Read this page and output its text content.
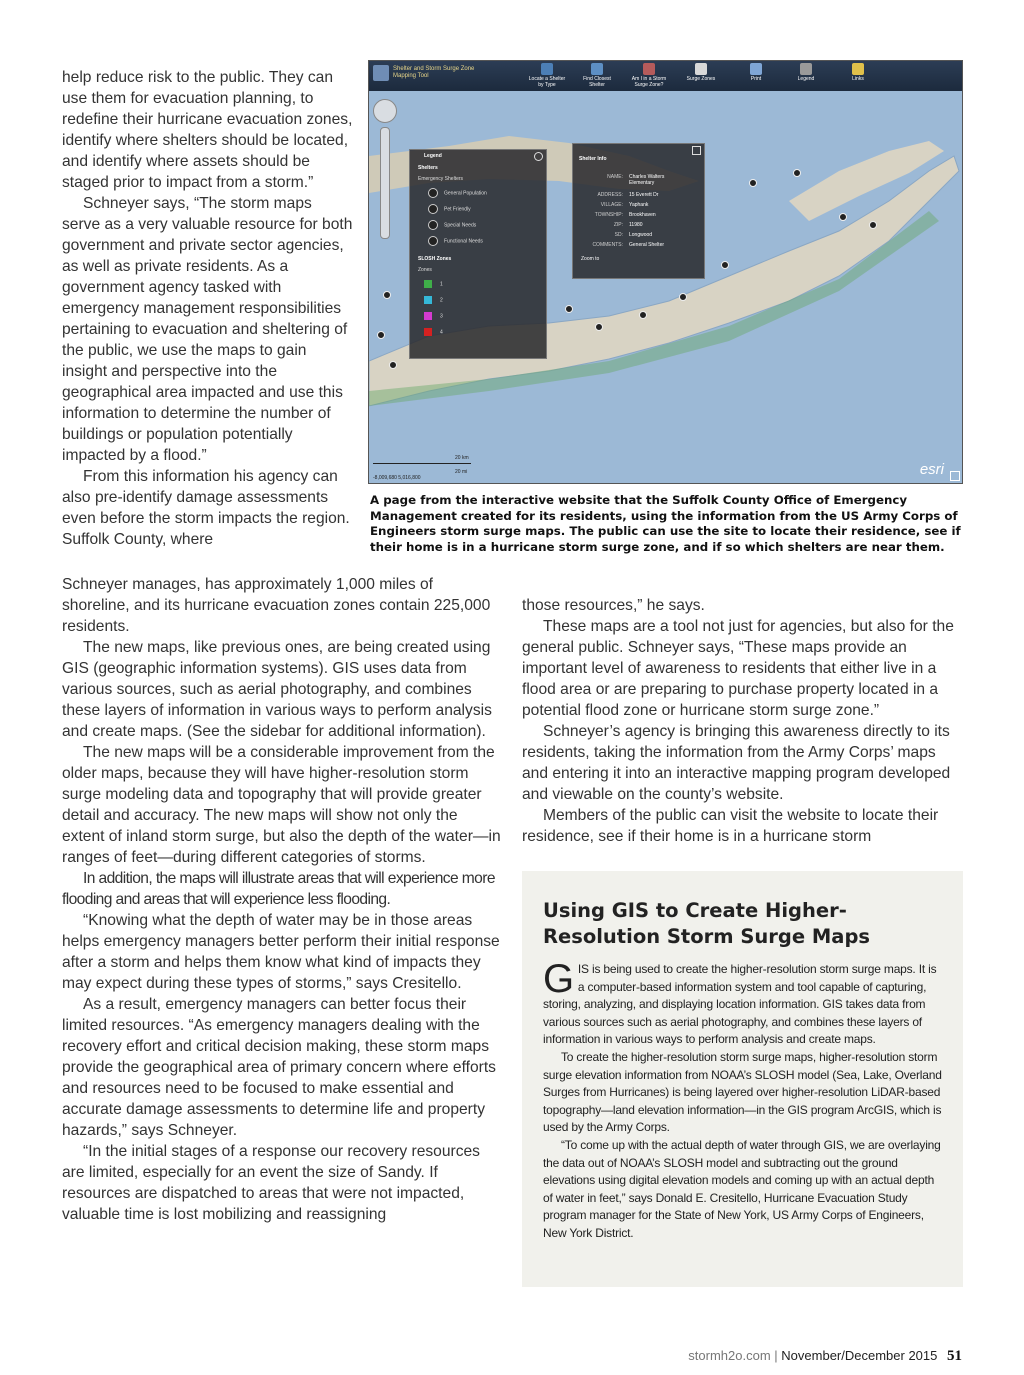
help reduce risk to the public. They can use them for evacuation planning, to redefine their hurricane evacuation zones, identify where shelters should be located, and identify where assets should be staged prior to impact from a storm.”

Schneyer says, “The storm maps serve as a very valuable resource for both government and private sector agencies, as well as private residents. As a government agency tasked with emergency management responsibilities pertaining to evacuation and sheltering of the public, we use the maps to gain insight and perspective into the geographical area impacted and use this information to determine the number of buildings or population potentially impacted by a flood.”

From this information his agency can also pre-identify damage assessments even before the storm impacts the region. Suffolk County, where

Schneyer manages, has approximately 1,000 miles of shoreline, and its hurricane evacuation zones contain 225,000 residents.

The new maps, like previous ones, are being created using GIS (geographic information systems). GIS uses data from various sources, such as aerial photography, and combines these layers of information in various ways to perform analysis and create maps. (See the sidebar for additional information).

The new maps will be a considerable improvement from the older maps, because they will have higher-resolution storm surge modeling data and topography that will provide greater detail and accuracy. The new maps will show not only the extent of inland storm surge, but also the depth of the water—in ranges of feet—during different categories of storms.

In addition, the maps will illustrate areas that will experience more flooding and areas that will experience less flooding.

“Knowing what the depth of water may be in those areas helps emergency managers better perform their initial response after a storm and helps them know what kind of impacts they may expect during these types of storms,” says Cresitello.

As a result, emergency managers can better focus their limited resources. “As emergency managers dealing with the recovery effort and critical decision making, these storm maps provide the geographical area of primary concern where efforts and resources need to be focused to make essential and accurate damage assessments to determine life and property hazards,” says Schneyer.

“In the initial stages of a response our recovery resources are limited, especially for an event the size of Sandy. If resources are dispatched to areas that were not impacted, valuable time is lost mobilizing and reassigning

those resources,” he says.

These maps are a tool not just for agencies, but also for the general public. Schneyer says, “These maps provide an important level of awareness to residents that either live in a flood area or are preparing to purchase property located in a potential flood zone or hurricane storm surge zone.”

Schneyer’s agency is bringing this awareness directly to its residents, taking the information from the Army Corps’ maps and entering it into an interactive mapping program developed and viewable on the county’s website.

Members of the public can visit the website to locate their residence, see if their home is in a hurricane storm

Shelter and Storm Surge Zone Mapping Tool	Locate a Shelter by Type
Find Closest Shelter
Am I in a Storm Surge Zone?
Surge Zones	Print	Legend	Links
Legend
Shelters
Emergency Shelters
General Population
Pet Friendly
Special Needs
Functional Needs
SLOSH Zones
Zones
1
2
3
4
Shelter Info
NAME: Charles Walters Elementary
ADDRESS: 15 Everett Dr
VILLAGE: Yaphank
TOWNSHIP: Brookhaven
ZIP: 11980
SD: Longwood
COMMENTS: General Shelter
Zoom to
20 km
20 mi
-8,009,680 5,016,800	esri
A page from the interactive website that the Suffolk County Office of Emergency Management created for its residents, using the information from the US Army Corps of Engineers storm surge maps. The public can use the site to locate their residence, see if their home is in a hurricane storm surge zone, and if so which shelters are near them.
Using GIS to Create Higher-Resolution Storm Surge Maps

GIS is being used to create the higher-resolution storm surge maps. It is a computer-based information system and tool capable of capturing, storing, analyzing, and displaying location information. GIS takes data from various sources such as aerial photography, and combines these layers of information in various ways to perform analysis and create maps.

To create the higher-resolution storm surge maps, higher-resolution storm surge elevation information from NOAA’s SLOSH model (Sea, Lake, Overland Surges from Hurricanes) is being layered over higher-resolution LiDAR-based topography—land elevation information—in the GIS program ArcGIS, which is used by the Army Corps.

“To come up with the actual depth of water through GIS, we are overlaying the data out of NOAA’s SLOSH model and subtracting out the ground elevations using digital elevation models and coming up with an actual depth of water in feet,” says Donald E. Cresitello, Hurricane Evacuation Study program manager for the State of New York, US Army Corps of Engineers, New York District.

stormh2o.com | November/December 2015 51
